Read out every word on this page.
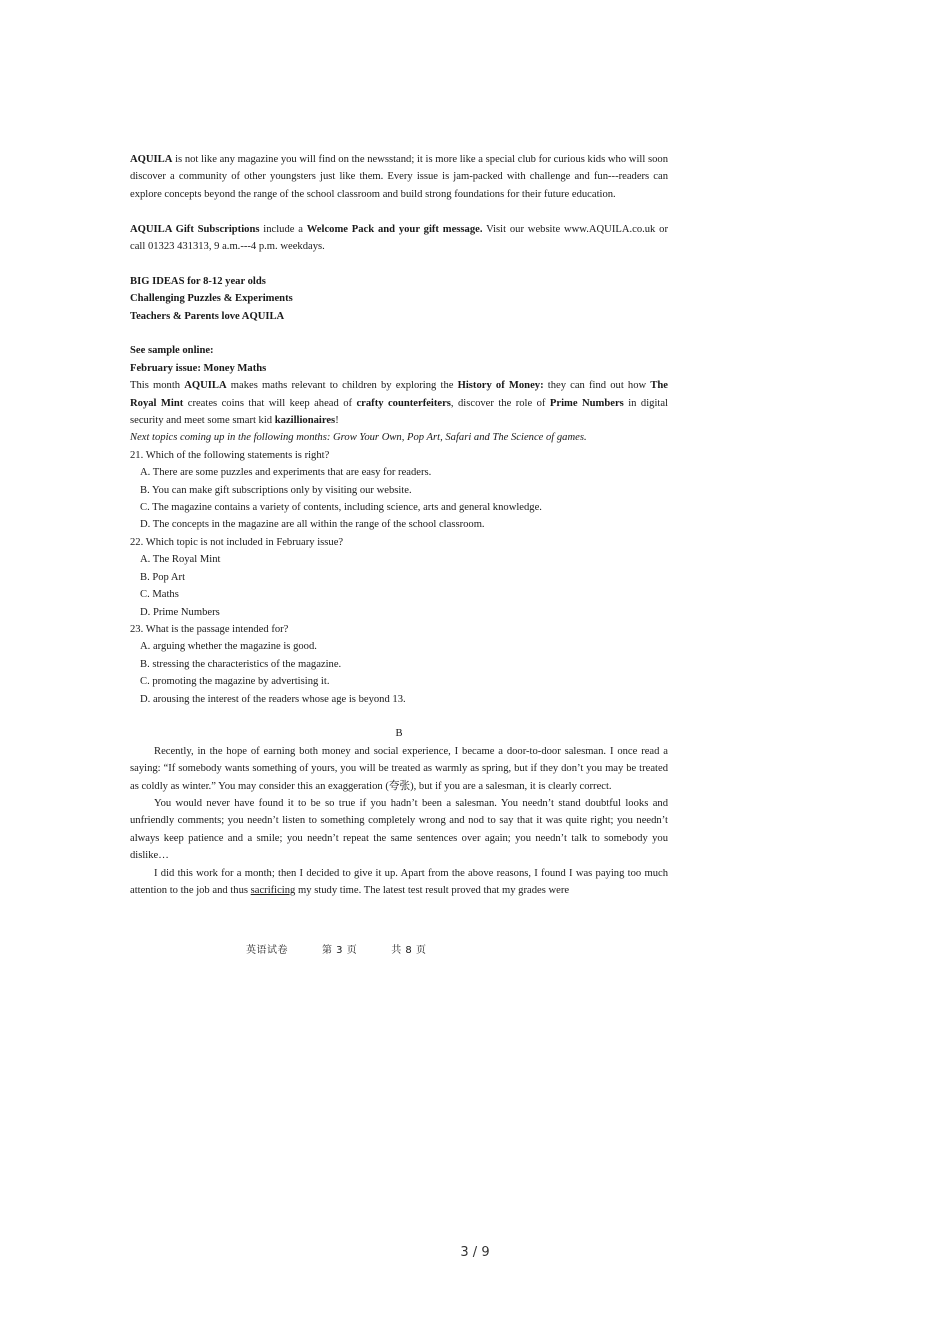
AQUILA is not like any magazine you will find on the newsstand; it is more like a special club for curious kids who will soon discover a community of other youngsters just like them. Every issue is jam-packed with challenge and fun---readers can explore concepts beyond the range of the school classroom and build strong foundations for their future education.

AQUILA Gift Subscriptions include a Welcome Pack and your gift message. Visit our website www.AQUILA.co.uk or call 01323 431313, 9 a.m.---4 p.m. weekdays.

BIG IDEAS for 8-12 year olds
Challenging Puzzles & Experiments
Teachers & Parents love AQUILA
See sample online:
February issue: Money Maths

This month AQUILA makes maths relevant to children by exploring the History of Money: they can find out how The Royal Mint creates coins that will keep ahead of crafty counterfeiters, discover the role of Prime Numbers in digital security and meet some smart kid kazillionaires!

Next topics coming up in the following months: Grow Your Own, Pop Art, Safari and The Science of games.

21. Which of the following statements is right?

A. There are some puzzles and experiments that are easy for readers.

B. You can make gift subscriptions only by visiting our website.

C. The magazine contains a variety of contents, including science, arts and general knowledge.

D. The concepts in the magazine are all within the range of the school classroom.

22. Which topic is not included in February issue?

A. The Royal Mint

B. Pop Art

C. Maths

D. Prime Numbers

23. What is the passage intended for?

A. arguing whether the magazine is good.

B. stressing the characteristics of the magazine.

C. promoting the magazine by advertising it.

D. arousing the interest of the readers whose age is beyond 13.

B

Recently, in the hope of earning both money and social experience, I became a door-to-door salesman. I once read a saying: “If somebody wants something of yours, you will be treated as warmly as spring, but if they don’t you may be treated as coldly as winter.” You may consider this an exaggeration (夸张), but if you are a salesman, it is clearly correct.

You would never have found it to be so true if you hadn’t been a salesman. You needn’t stand doubtful looks and unfriendly comments; you needn’t listen to something completely wrong and nod to say that it was quite right; you needn’t always keep patience and a smile; you needn’t repeat the same sentences over again; you needn’t talk to somebody you dislike…

I did this work for a month; then I decided to give it up. Apart from the above reasons, I found I was paying too much attention to the job and thus sacrificing my study time. The latest test result proved that my grades were

英语试卷	第 3 页	共 8 页
3 / 9
